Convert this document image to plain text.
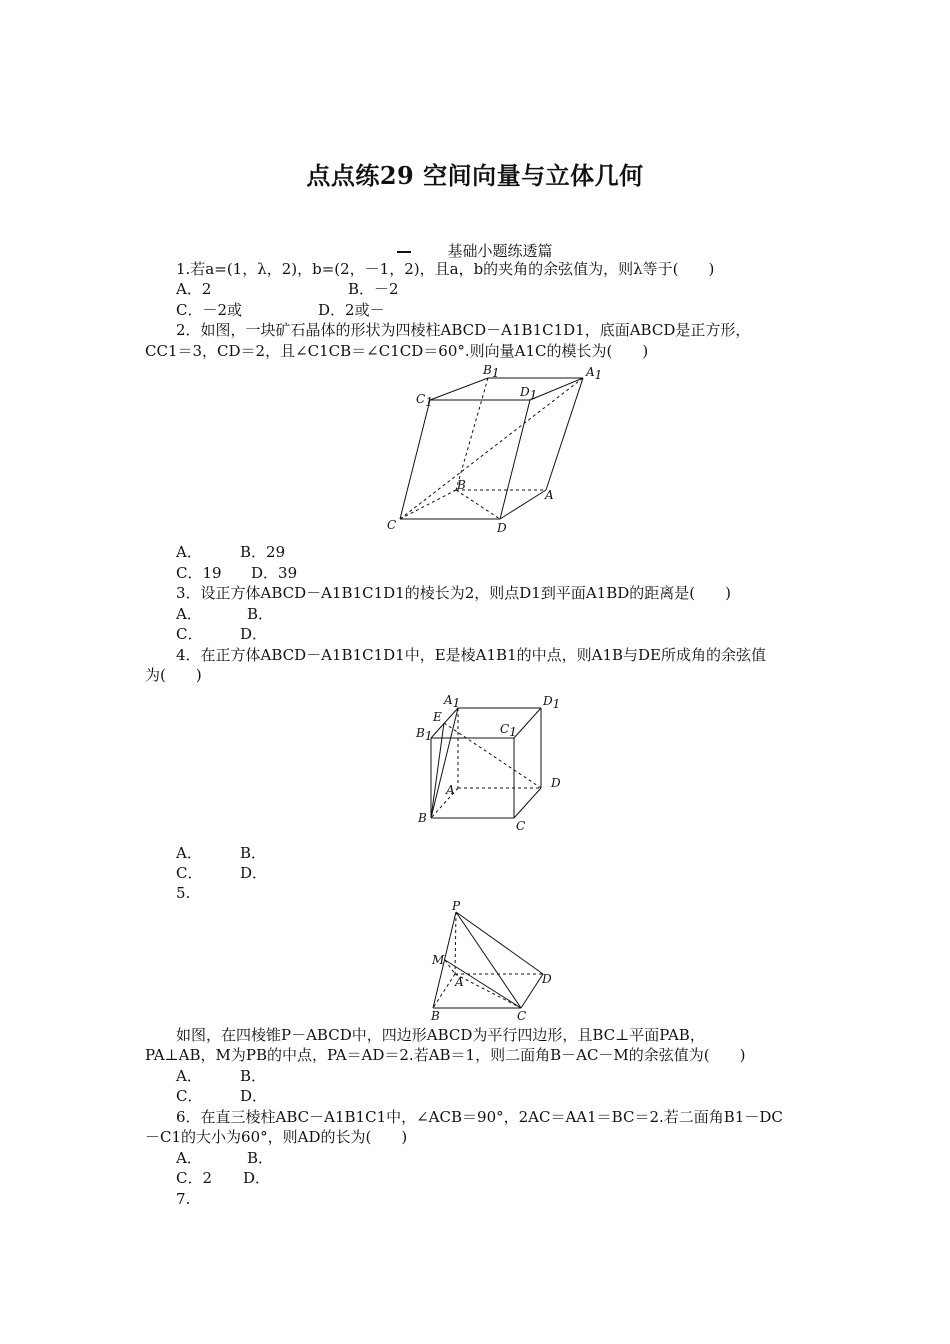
点点练29 空间向量与立体几何
基础小题练透篇
1.若a=(1，λ，2)，b=(2，－1，2)，且a，b的夹角的余弦值为，则λ等于(　　)
A．2	B．－2
C．－2或	D．2或－
2．如图，一块矿石晶体的形状为四棱柱ABCD－A1B1C1D1，底面ABCD是正方形，
CC1＝3，CD＝2，且∠C1CB＝∠C1CD＝60°.则向量A1C的模长为(　　)
B1	A1
C1
D1
B
A
C	D
A．	B．29
C．19 D．39
3．设正方体ABCD－A1B1C1D1的棱长为2，则点D1到平面A1BD的距离是(　　)
A．	B．
C．	D．
4．在正方体ABCD－A1B1C1D1中，E是棱A1B1的中点，则A1B与DE所成角的余弦值
为(　　)
A1	D1
E
C1
B1
D
A
B
C
A．	B．
C．	D．
5.
P
M
A	D
B	C
如图，在四棱锥P－ABCD中，四边形ABCD为平行四边形，且BC⊥平面PAB，
PA⊥AB，M为PB的中点，PA＝AD＝2.若AB＝1，则二面角B－AC－M的余弦值为(　　)
A．	B．
C．	D．
6．在直三棱柱ABC－A1B1C1中，∠ACB＝90°，2AC＝AA1＝BC＝2.若二面角B1－DC
－C1的大小为60°，则AD的长为(　　)
A．	B．
C．2 D．
7.
